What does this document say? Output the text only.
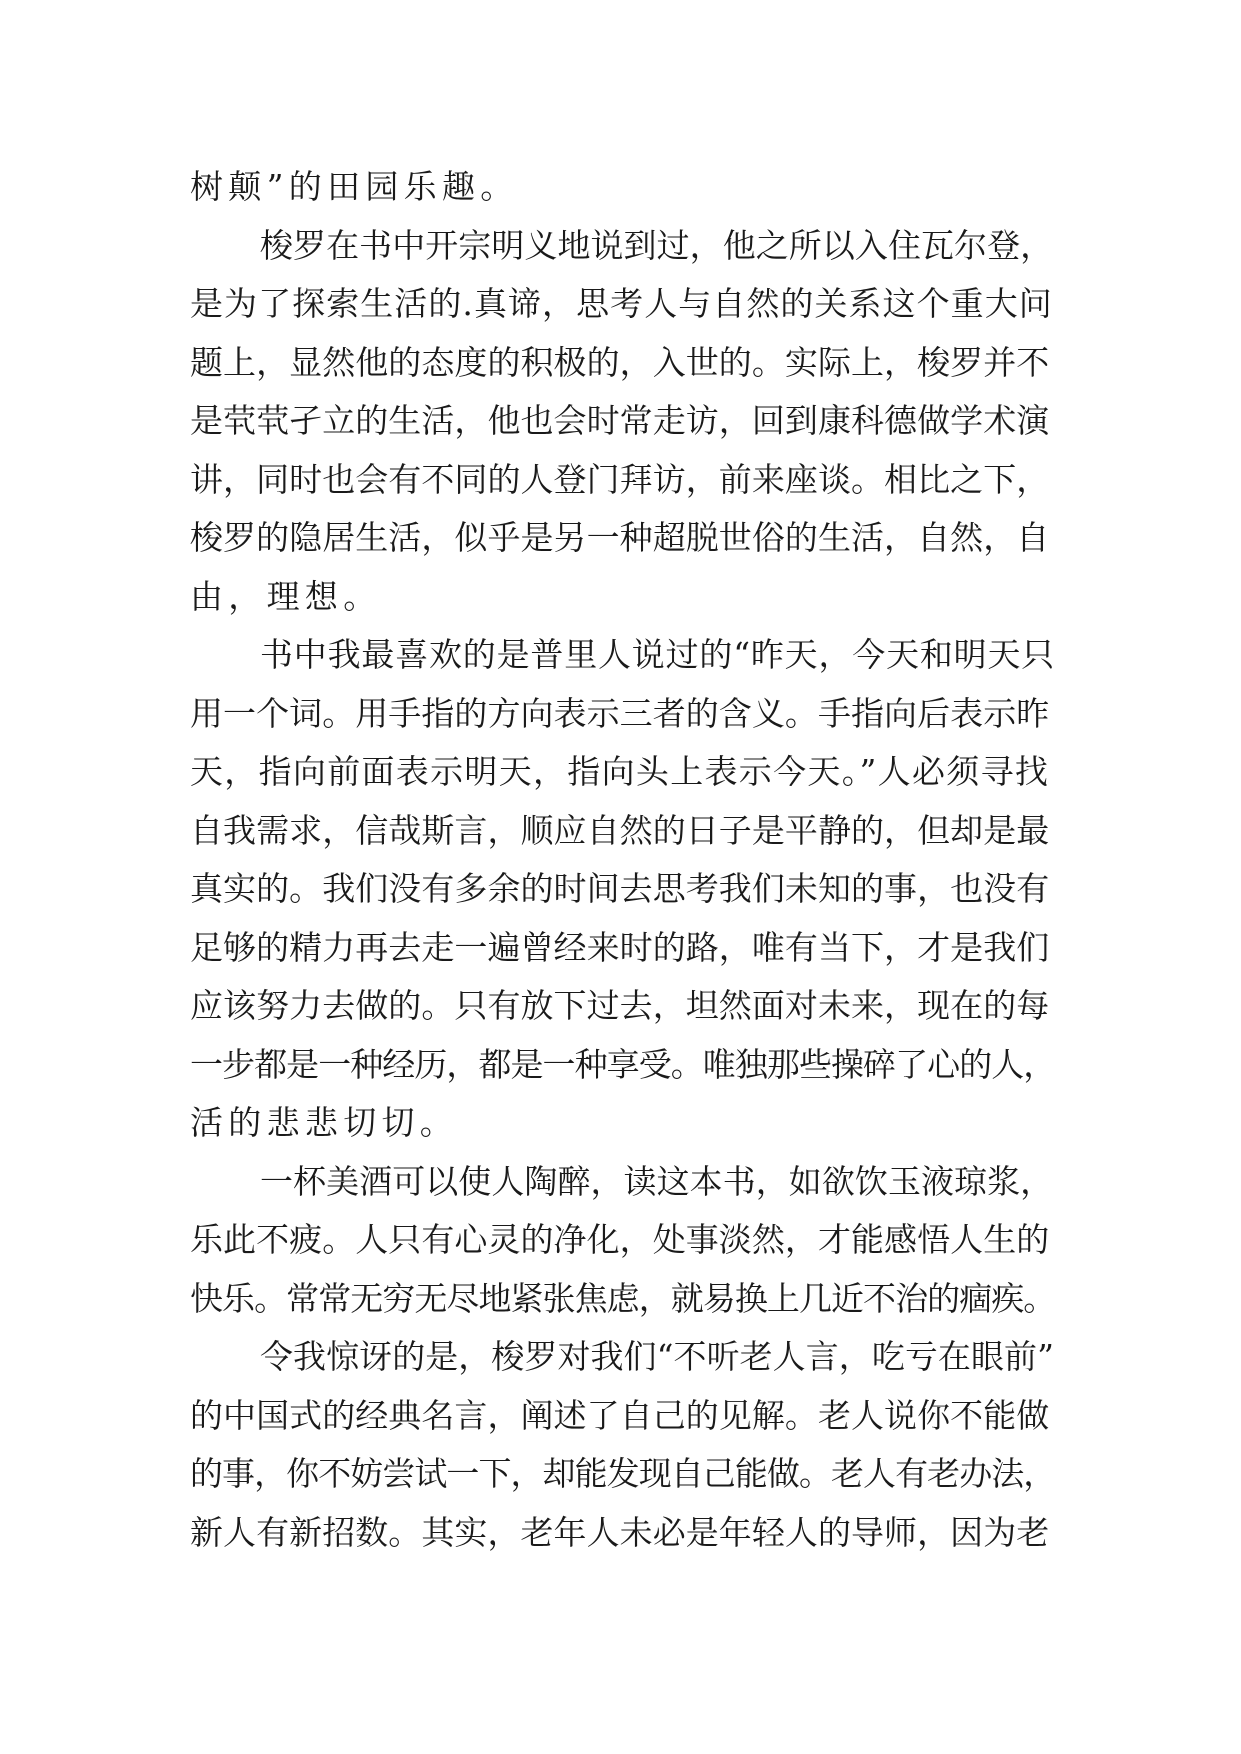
树颠”的田园乐趣。
梭罗在书中开宗明义地说到过，他之所以入住瓦尔登，
是为了探索生活的.真谛，思考人与自然的关系这个重大问
题上，显然他的态度的积极的，入世的。实际上，梭罗并不
是茕茕孑立的生活，他也会时常走访，回到康科德做学术演
讲，同时也会有不同的人登门拜访，前来座谈。相比之下，
梭罗的隐居生活，似乎是另一种超脱世俗的生活，自然，自
由，理想。
书中我最喜欢的是普里人说过的“昨天，今天和明天只
用一个词。用手指的方向表示三者的含义。手指向后表示昨
天，指向前面表示明天，指向头上表示今天。”人必须寻找
自我需求，信哉斯言，顺应自然的日子是平静的，但却是最
真实的。我们没有多余的时间去思考我们未知的事，也没有
足够的精力再去走一遍曾经来时的路，唯有当下，才是我们
应该努力去做的。只有放下过去，坦然面对未来，现在的每
一步都是一种经历，都是一种享受。唯独那些操碎了心的人，
活的悲悲切切。
一杯美酒可以使人陶醉，读这本书，如欲饮玉液琼浆，
乐此不疲。人只有心灵的净化，处事淡然，才能感悟人生的
快乐。常常无穷无尽地紧张焦虑，就易换上几近不治的痼疾。
令我惊讶的是，梭罗对我们“不听老人言，吃亏在眼前”
的中国式的经典名言，阐述了自己的见解。老人说你不能做
的事，你不妨尝试一下，却能发现自己能做。老人有老办法，
新人有新招数。其实，老年人未必是年轻人的导师，因为老
